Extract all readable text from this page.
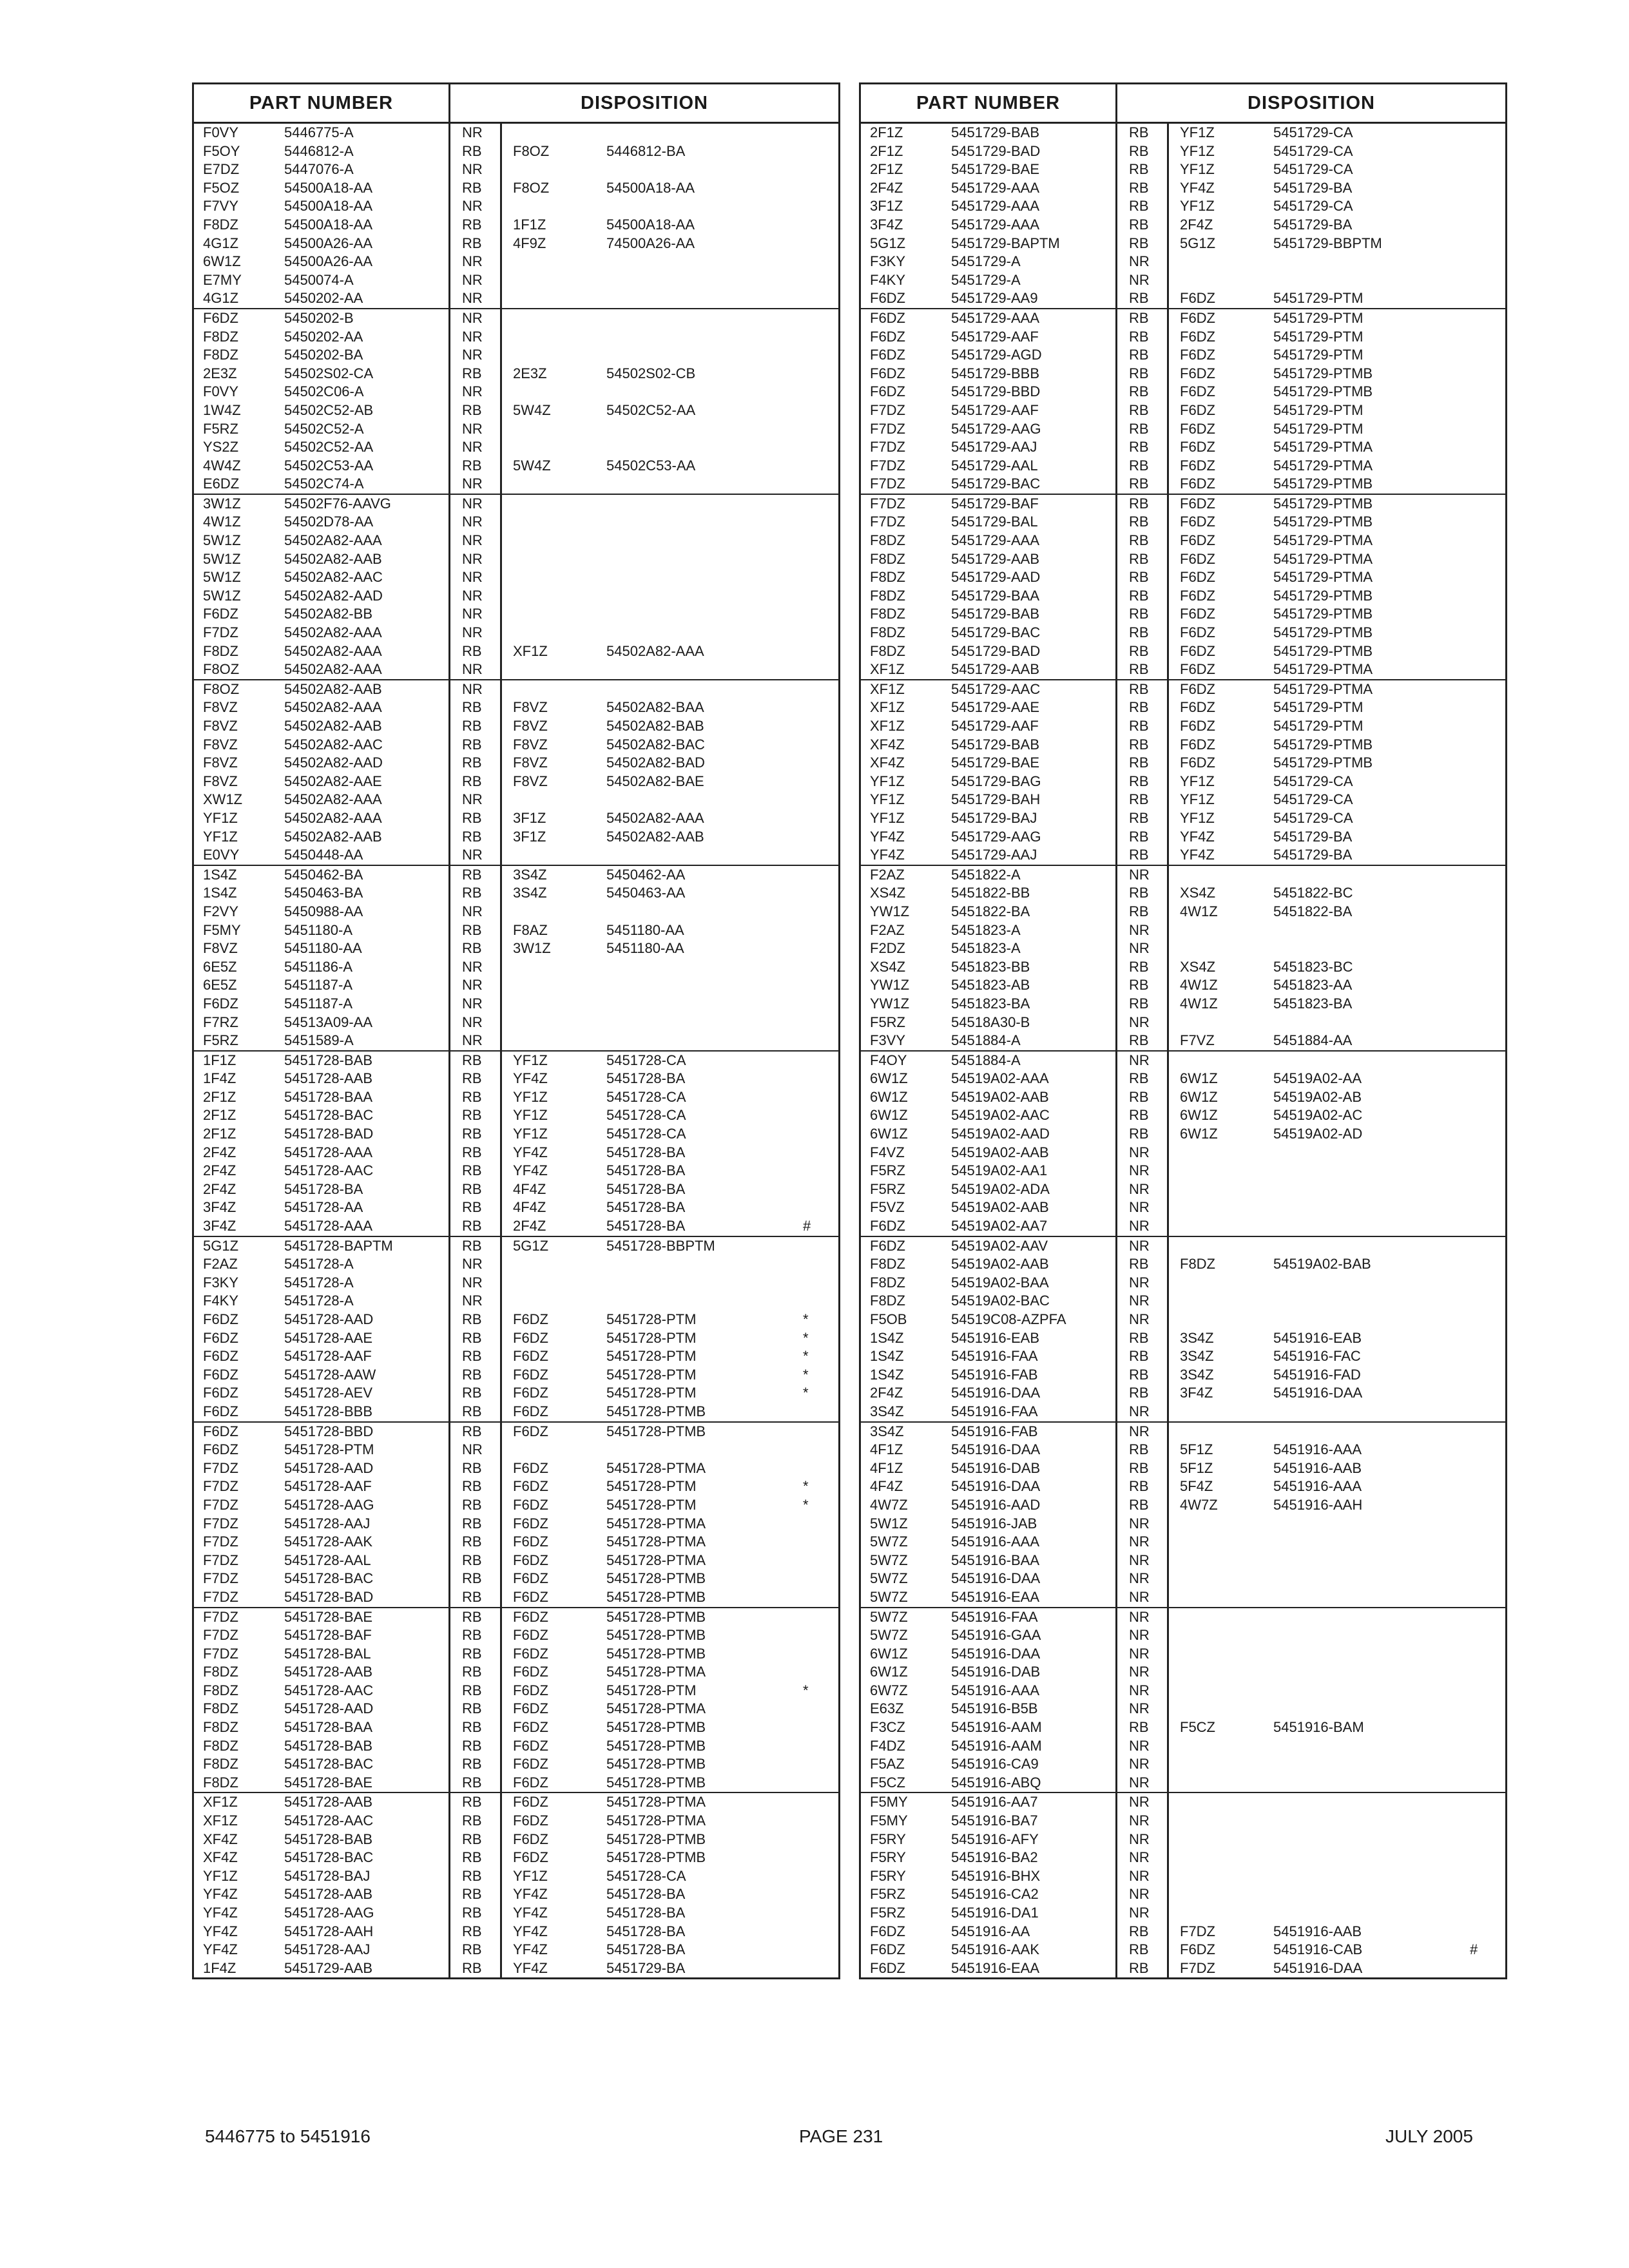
PART NUMBER	DISPOSITION
F0VY	5446775-A	NR
F5OY	5446812-A	RB F8OZ	5446812-BA
E7DZ	5447076-A	NR
F5OZ	54500A18-AA	RB F8OZ	54500A18-AA
F7VY	54500A18-AA	NR
F8DZ	54500A18-AA	RB 1F1Z	54500A18-AA
4G1Z	54500A26-AA	RB 4F9Z	74500A26-AA
6W1Z	54500A26-AA	NR
E7MY	5450074-A	NR
4G1Z	5450202-AA	NR
F6DZ	5450202-B	NR
F8DZ	5450202-AA	NR
F8DZ	5450202-BA	NR
2E3Z	54502S02-CA	RB 2E3Z	54502S02-CB
F0VY	54502C06-A	NR
1W4Z	54502C52-AB	RB 5W4Z	54502C52-AA
F5RZ	54502C52-A	NR
YS2Z	54502C52-AA	NR
4W4Z	54502C53-AA	RB 5W4Z	54502C53-AA
E6DZ	54502C74-A	NR
3W1Z	54502F76-AAVG	NR
4W1Z	54502D78-AA	NR
5W1Z	54502A82-AAA	NR
5W1Z	54502A82-AAB	NR
5W1Z	54502A82-AAC	NR
5W1Z	54502A82-AAD	NR
F6DZ	54502A82-BB	NR
F7DZ	54502A82-AAA	NR
F8DZ	54502A82-AAA	RB XF1Z	54502A82-AAA
F8OZ	54502A82-AAA	NR
F8OZ	54502A82-AAB	NR
F8VZ	54502A82-AAA	RB F8VZ	54502A82-BAA
F8VZ	54502A82-AAB	RB F8VZ	54502A82-BAB
F8VZ	54502A82-AAC	RB F8VZ	54502A82-BAC
F8VZ	54502A82-AAD	RB F8VZ	54502A82-BAD
F8VZ	54502A82-AAE	RB F8VZ	54502A82-BAE
XW1Z	54502A82-AAA	NR
YF1Z	54502A82-AAA	RB 3F1Z	54502A82-AAA
YF1Z	54502A82-AAB	RB 3F1Z	54502A82-AAB
E0VY	5450448-AA	NR
1S4Z	5450462-BA	RB 3S4Z	5450462-AA
1S4Z	5450463-BA	RB 3S4Z	5450463-AA
F2VY	5450988-AA	NR
F5MY	5451180-A	RB F8AZ	5451180-AA
F8VZ	5451180-AA	RB 3W1Z	5451180-AA
6E5Z	5451186-A	NR
6E5Z	5451187-A	NR
F6DZ	5451187-A	NR
F7RZ	54513A09-AA	NR
F5RZ	5451589-A	NR
1F1Z	5451728-BAB	RB YF1Z	5451728-CA
1F4Z	5451728-AAB	RB YF4Z	5451728-BA
2F1Z	5451728-BAA	RB YF1Z	5451728-CA
2F1Z	5451728-BAC	RB YF1Z	5451728-CA
2F1Z	5451728-BAD	RB YF1Z	5451728-CA
2F4Z	5451728-AAA	RB YF4Z	5451728-BA
2F4Z	5451728-AAC	RB YF4Z	5451728-BA
2F4Z	5451728-BA	RB 4F4Z	5451728-BA
3F4Z	5451728-AA	RB 4F4Z	5451728-BA
3F4Z	5451728-AAA	RB 2F4Z	5451728-BA	#
5G1Z	5451728-BAPTM	RB 5G1Z	5451728-BBPTM
F2AZ	5451728-A	NR
F3KY	5451728-A	NR
F4KY	5451728-A	NR
F6DZ	5451728-AAD	RB F6DZ	5451728-PTM	*
F6DZ	5451728-AAE	RB F6DZ	5451728-PTM	*
F6DZ	5451728-AAF	RB F6DZ	5451728-PTM	*
F6DZ	5451728-AAW	RB F6DZ	5451728-PTM	*
F6DZ	5451728-AEV	RB F6DZ	5451728-PTM	*
F6DZ	5451728-BBB	RB F6DZ	5451728-PTMB
F6DZ	5451728-BBD	RB F6DZ	5451728-PTMB
F6DZ	5451728-PTM	NR
F7DZ	5451728-AAD	RB F6DZ	5451728-PTMA
F7DZ	5451728-AAF	RB F6DZ	5451728-PTM	*
F7DZ	5451728-AAG	RB F6DZ	5451728-PTM	*
F7DZ	5451728-AAJ	RB F6DZ	5451728-PTMA
F7DZ	5451728-AAK	RB F6DZ	5451728-PTMA
F7DZ	5451728-AAL	RB F6DZ	5451728-PTMA
F7DZ	5451728-BAC	RB F6DZ	5451728-PTMB
F7DZ	5451728-BAD	RB F6DZ	5451728-PTMB
F7DZ	5451728-BAE	RB F6DZ	5451728-PTMB
F7DZ	5451728-BAF	RB F6DZ	5451728-PTMB
F7DZ	5451728-BAL	RB F6DZ	5451728-PTMB
F8DZ	5451728-AAB	RB F6DZ	5451728-PTMA
F8DZ	5451728-AAC	RB F6DZ	5451728-PTM	*
F8DZ	5451728-AAD	RB F6DZ	5451728-PTMA
F8DZ	5451728-BAA	RB F6DZ	5451728-PTMB
F8DZ	5451728-BAB	RB F6DZ	5451728-PTMB
F8DZ	5451728-BAC	RB F6DZ	5451728-PTMB
F8DZ	5451728-BAE	RB F6DZ	5451728-PTMB
XF1Z	5451728-AAB	RB F6DZ	5451728-PTMA
XF1Z	5451728-AAC	RB F6DZ	5451728-PTMA
XF4Z	5451728-BAB	RB F6DZ	5451728-PTMB
XF4Z	5451728-BAC	RB F6DZ	5451728-PTMB
YF1Z	5451728-BAJ	RB YF1Z	5451728-CA
YF4Z	5451728-AAB	RB YF4Z	5451728-BA
YF4Z	5451728-AAG	RB YF4Z	5451728-BA
YF4Z	5451728-AAH	RB YF4Z	5451728-BA
YF4Z	5451728-AAJ	RB YF4Z	5451728-BA
1F4Z	5451729-AAB	RB YF4Z	5451729-BA
PART NUMBER	DISPOSITION
2F1Z	5451729-BAB	RB YF1Z	5451729-CA
2F1Z	5451729-BAD	RB YF1Z	5451729-CA
2F1Z	5451729-BAE	RB YF1Z	5451729-CA
2F4Z	5451729-AAA	RB YF4Z	5451729-BA
3F1Z	5451729-AAA	RB YF1Z	5451729-CA
3F4Z	5451729-AAA	RB 2F4Z	5451729-BA
5G1Z	5451729-BAPTM	RB 5G1Z	5451729-BBPTM
F3KY	5451729-A	NR
F4KY	5451729-A	NR
F6DZ	5451729-AA9	RB F6DZ	5451729-PTM
F6DZ	5451729-AAA	RB F6DZ	5451729-PTM
F6DZ	5451729-AAF	RB F6DZ	5451729-PTM
F6DZ	5451729-AGD	RB F6DZ	5451729-PTM
F6DZ	5451729-BBB	RB F6DZ	5451729-PTMB
F6DZ	5451729-BBD	RB F6DZ	5451729-PTMB
F7DZ	5451729-AAF	RB F6DZ	5451729-PTM
F7DZ	5451729-AAG	RB F6DZ	5451729-PTM
F7DZ	5451729-AAJ	RB F6DZ	5451729-PTMA
F7DZ	5451729-AAL	RB F6DZ	5451729-PTMA
F7DZ	5451729-BAC	RB F6DZ	5451729-PTMB
F7DZ	5451729-BAF	RB F6DZ	5451729-PTMB
F7DZ	5451729-BAL	RB F6DZ	5451729-PTMB
F8DZ	5451729-AAA	RB F6DZ	5451729-PTMA
F8DZ	5451729-AAB	RB F6DZ	5451729-PTMA
F8DZ	5451729-AAD	RB F6DZ	5451729-PTMA
F8DZ	5451729-BAA	RB F6DZ	5451729-PTMB
F8DZ	5451729-BAB	RB F6DZ	5451729-PTMB
F8DZ	5451729-BAC	RB F6DZ	5451729-PTMB
F8DZ	5451729-BAD	RB F6DZ	5451729-PTMB
XF1Z	5451729-AAB	RB F6DZ	5451729-PTMA
XF1Z	5451729-AAC	RB F6DZ	5451729-PTMA
XF1Z	5451729-AAE	RB F6DZ	5451729-PTM
XF1Z	5451729-AAF	RB F6DZ	5451729-PTM
XF4Z	5451729-BAB	RB F6DZ	5451729-PTMB
XF4Z	5451729-BAE	RB F6DZ	5451729-PTMB
YF1Z	5451729-BAG	RB YF1Z	5451729-CA
YF1Z	5451729-BAH	RB YF1Z	5451729-CA
YF1Z	5451729-BAJ	RB YF1Z	5451729-CA
YF4Z	5451729-AAG	RB YF4Z	5451729-BA
YF4Z	5451729-AAJ	RB YF4Z	5451729-BA
F2AZ	5451822-A	NR
XS4Z	5451822-BB	RB XS4Z	5451822-BC
YW1Z	5451822-BA	RB 4W1Z	5451822-BA
F2AZ	5451823-A	NR
F2DZ	5451823-A	NR
XS4Z	5451823-BB	RB XS4Z	5451823-BC
YW1Z	5451823-AB	RB 4W1Z	5451823-AA
YW1Z	5451823-BA	RB 4W1Z	5451823-BA
F5RZ	54518A30-B	NR
F3VY	5451884-A	RB F7VZ	5451884-AA
F4OY	5451884-A	NR
6W1Z	54519A02-AAA	RB 6W1Z	54519A02-AA
6W1Z	54519A02-AAB	RB 6W1Z	54519A02-AB
6W1Z	54519A02-AAC	RB 6W1Z	54519A02-AC
6W1Z	54519A02-AAD	RB 6W1Z	54519A02-AD
F4VZ	54519A02-AAB	NR
F5RZ	54519A02-AA1	NR
F5RZ	54519A02-ADA	NR
F5VZ	54519A02-AAB	NR
F6DZ	54519A02-AA7	NR
F6DZ	54519A02-AAV	NR
F8DZ	54519A02-AAB	RB F8DZ	54519A02-BAB
F8DZ	54519A02-BAA	NR
F8DZ	54519A02-BAC	NR
F5OB	54519C08-AZPFA	NR
1S4Z	5451916-EAB	RB 3S4Z	5451916-EAB
1S4Z	5451916-FAA	RB 3S4Z	5451916-FAC
1S4Z	5451916-FAB	RB 3S4Z	5451916-FAD
2F4Z	5451916-DAA	RB 3F4Z	5451916-DAA
3S4Z	5451916-FAA	NR
3S4Z	5451916-FAB	NR
4F1Z	5451916-DAA	RB 5F1Z	5451916-AAA
4F1Z	5451916-DAB	RB 5F1Z	5451916-AAB
4F4Z	5451916-DAA	RB 5F4Z	5451916-AAA
4W7Z	5451916-AAD	RB 4W7Z	5451916-AAH
5W1Z	5451916-JAB	NR
5W7Z	5451916-AAA	NR
5W7Z	5451916-BAA	NR
5W7Z	5451916-DAA	NR
5W7Z	5451916-EAA	NR
5W7Z	5451916-FAA	NR
5W7Z	5451916-GAA	NR
6W1Z	5451916-DAA	NR
6W1Z	5451916-DAB	NR
6W7Z	5451916-AAA	NR
E63Z	5451916-B5B	NR
F3CZ	5451916-AAM	RB F5CZ	5451916-BAM
F4DZ	5451916-AAM	NR
F5AZ	5451916-CA9	NR
F5CZ	5451916-ABQ	NR
F5MY	5451916-AA7	NR
F5MY	5451916-BA7	NR
F5RY	5451916-AFY	NR
F5RY	5451916-BA2	NR
F5RY	5451916-BHX	NR
F5RZ	5451916-CA2	NR
F5RZ	5451916-DA1	NR
F6DZ	5451916-AA	RB F7DZ	5451916-AAB
F6DZ	5451916-AAK	RB F6DZ	5451916-CAB	#
F6DZ	5451916-EAA	RB F7DZ	5451916-DAA
5446775 to 5451916	PAGE 231	JULY 2005
